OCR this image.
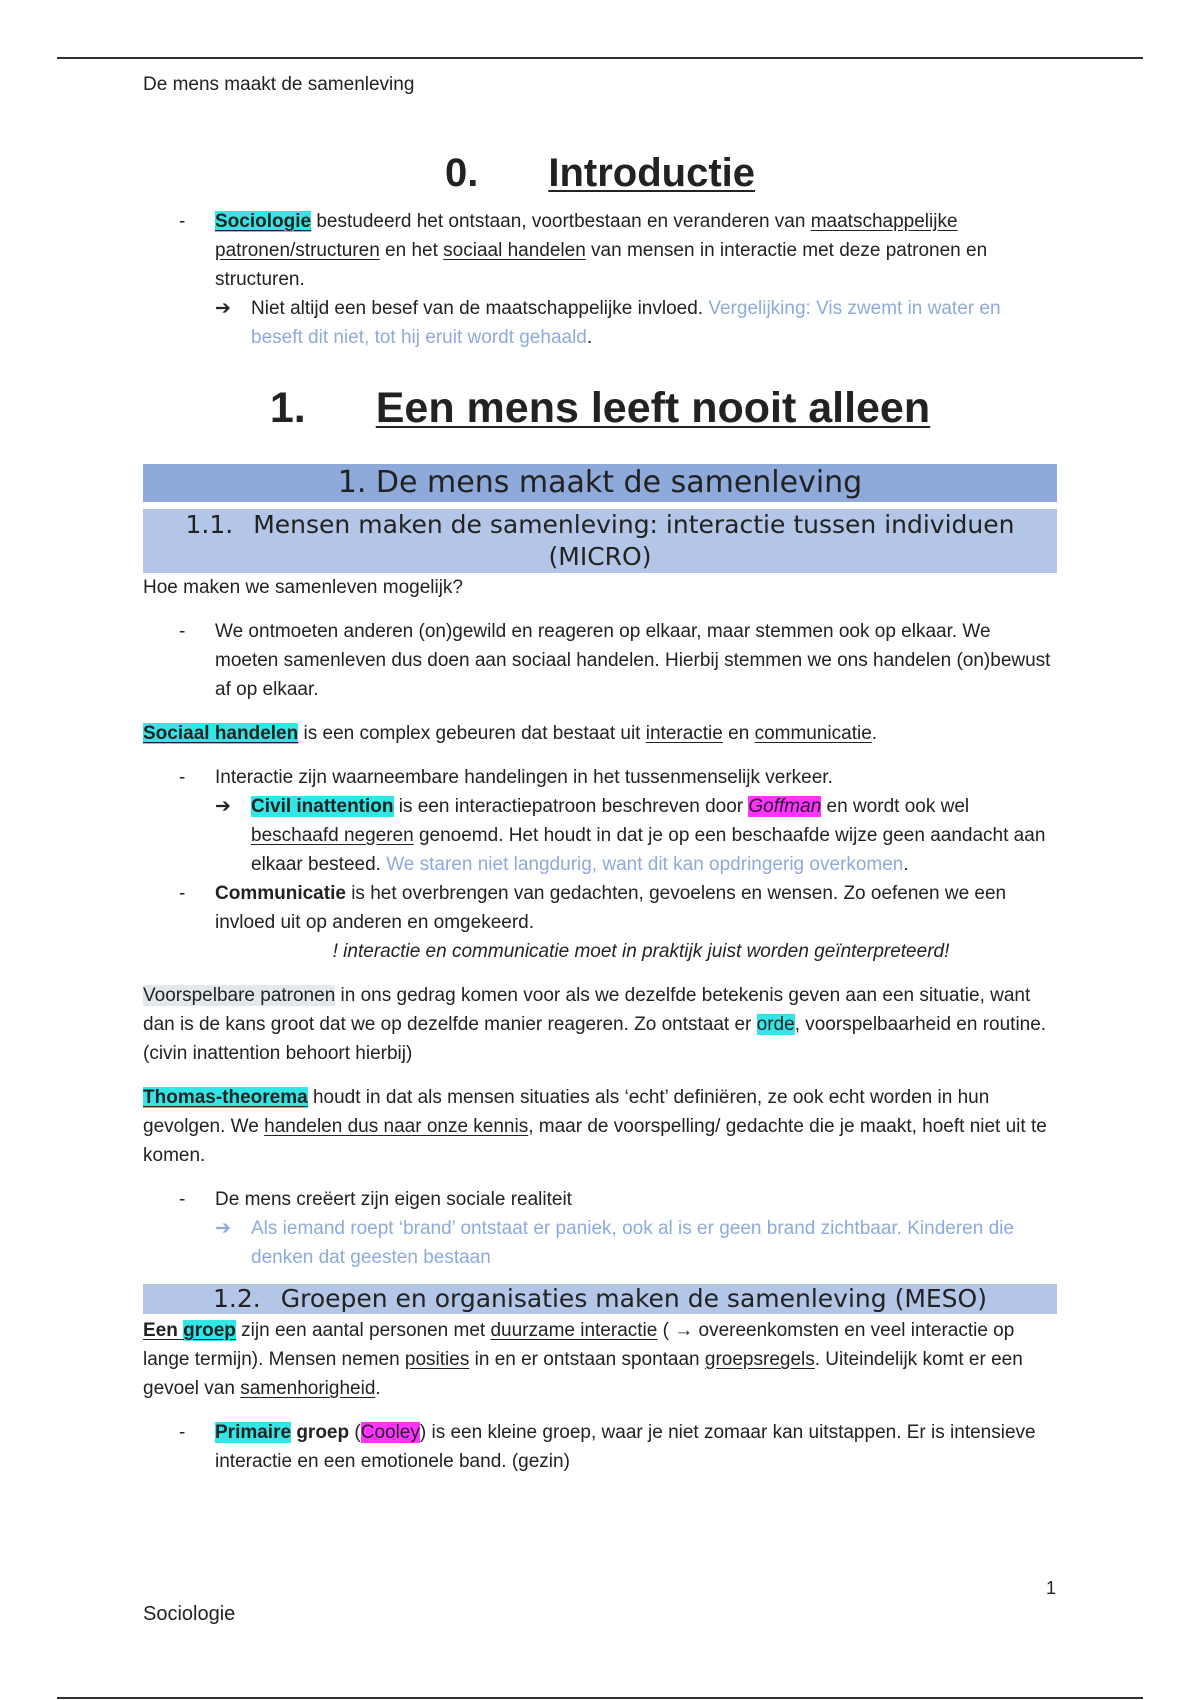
De mens maakt de samenleving
0. Introductie
- Sociologie bestudeerd het ontstaan, voortbestaan en veranderen van maatschappelijke patronen/structuren en het sociaal handelen van mensen in interactie met deze patronen en structuren.

➔ Niet altijd een besef van de maatschappelijke invloed. Vergelijking: Vis zwemt in water en beseft dit niet, tot hij eruit wordt gehaald.

1. Een mens leeft nooit alleen
1. De mens maakt de samenleving
1.1. Mensen maken de samenleving: interactie tussen individuen (MICRO)

Hoe maken we samenleven mogelijk?

- We ontmoeten anderen (on)gewild en reageren op elkaar, maar stemmen ook op elkaar. We moeten samenleven dus doen aan sociaal handelen. Hierbij stemmen we ons handelen (on)bewust af op elkaar.

Sociaal handelen is een complex gebeuren dat bestaat uit interactie en communicatie.

- Interactie zijn waarneembare handelingen in het tussenmenselijk verkeer.

➔ Civil inattention is een interactiepatroon beschreven door Goffman en wordt ook wel beschaafd negeren genoemd. Het houdt in dat je op een beschaafde wijze geen aandacht aan elkaar besteed. We staren niet langdurig, want dit kan opdringerig overkomen.

- Communicatie is het overbrengen van gedachten, gevoelens en wensen. Zo oefenen we een invloed uit op anderen en omgekeerd.

! interactie en communicatie moet in praktijk juist worden geïnterpreteerd!

Voorspelbare patronen in ons gedrag komen voor als we dezelfde betekenis geven aan een situatie, want dan is de kans groot dat we op dezelfde manier reageren. Zo ontstaat er orde, voorspelbaarheid en routine. (civin inattention behoort hierbij)

Thomas-theorema houdt in dat als mensen situaties als ‘echt’ definiëren, ze ook echt worden in hun gevolgen. We handelen dus naar onze kennis, maar de voorspelling/ gedachte die je maakt, hoeft niet uit te komen.

- De mens creëert zijn eigen sociale realiteit

➔ Als iemand roept ‘brand’ ontstaat er paniek, ook al is er geen brand zichtbaar. Kinderen die denken dat geesten bestaan

1.2. Groepen en organisaties maken de samenleving (MESO)

Een groep zijn een aantal personen met duurzame interactie ( → overeenkomsten en veel interactie op lange termijn). Mensen nemen posities in en er ontstaan spontaan groepsregels. Uiteindelijk komt er een gevoel van samenhorigheid.

- Primaire groep (Cooley) is een kleine groep, waar je niet zomaar kan uitstappen. Er is intensieve interactie en een emotionele band. (gezin)

1
Sociologie
